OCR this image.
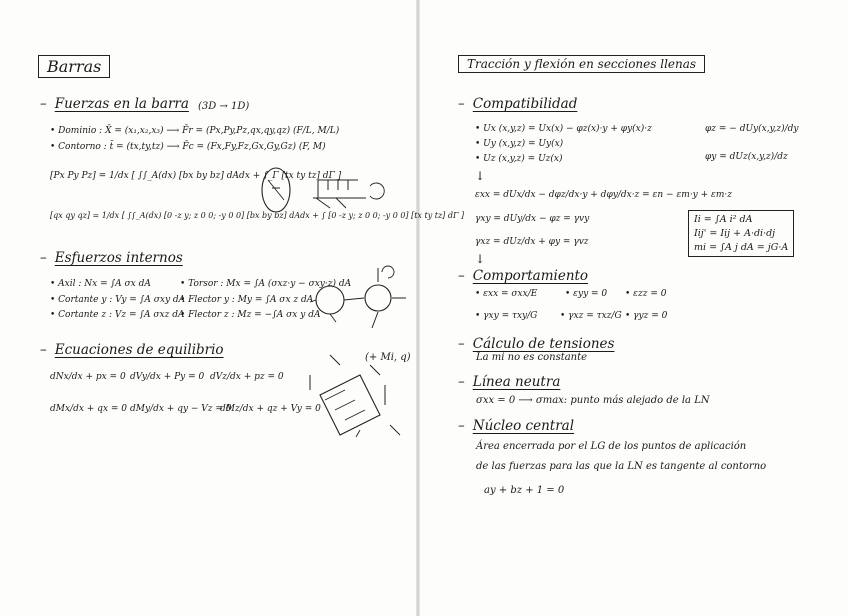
Barras
– Fuerzas en la barra (3D → 1D)
• Dominio : X̄ = (x₁,x₂,x₃) ⟶ F̄r = (Px,Py,Pz,qx,qy,qz) (F/L, M/L)
• Contorno : t̄ = (tx,ty,tz) ⟶ F̄c = (Fx,Fy,Fz,Gx,Gy,Gz) (F, M)
[Px Py Pz] = 1/dx [ ∫∫_A(dx) [bx by bz] dAdx + ∫_Γ [tx ty tz] dΓ ]
[qx qy qz] = 1/dx [ ∫∫_A(dx) [0 -z y; z 0 0; -y 0 0] [bx by bz] dAdx + ∫ [0 -z y; z 0 0; -y 0 0] [tx ty tz] dΓ ]
– Esfuerzos internos
• Axil : Nx = ∫A σx dA
• Cortante y : Vy = ∫A σxy dA
• Cortante z : Vz = ∫A σxz dA
• Torsor : Mx = ∫A (σxz·y − σxy·z) dA
• Flector y : My = ∫A σx z dA
• Flector z : Mz = −∫A σx y dA
– Ecuaciones de equilibrio
dNx/dx + px = 0 dVy/dx + Py = 0 dVz/dx + pz = 0
dMx/dx + qx = 0 dMy/dx + qy − Vz = 0
dMz/dx + qz + Vy = 0
(+ Mi, q)
Tracción y flexión en secciones llenas
– Compatibilidad
• Ux (x,y,z) = Ux(x) − φz(x)·y + φy(x)·z
• Uy (x,y,z) = Uy(x)
• Uz (x,y,z) = Uz(x)
φz = − dUy(x,y,z)/dy
φy = dUz(x,y,z)/dz
↓
εxx = dUx/dx − dφz/dx·y + dφy/dx·z = εn − εm·y + εm·z
γxy = dUy/dx − φz = γvy
γxz = dUz/dx + φy = γvz
↓
Ii = ∫A i² dA
Iij' = Iij + A·di·dj
mi = ∫A j dA = jG·A
– Comportamiento
• εxx = σxx/E	• εyy = 0 • εzz = 0
• γxy = τxy/G	• γxz = τxz/G • γyz = 0
– Cálculo de tensiones
La mi no es constante
– Línea neutra
σxx = 0 ⟶ σmax: punto más alejado de la LN
– Núcleo central
Área encerrada por el LG de los puntos de aplicación
de las fuerzas para las que la LN es tangente al contorno
ay + bz + 1 = 0
